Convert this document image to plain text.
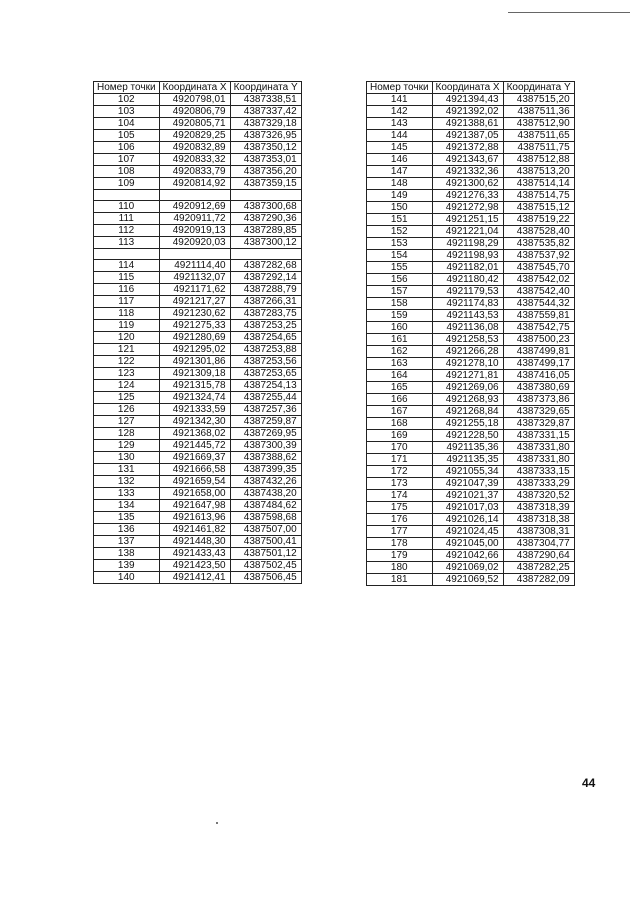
Номер точки	Координата X	Координата Y
102	4920798,01	4387338,51
103	4920806,79	4387337,42
104	4920805,71	4387329,18
105	4920829,25	4387326,95
106	4920832,89	4387350,12
107	4920833,32	4387353,01
108	4920833,79	4387356,20
109	4920814,92	4387359,15

110	4920912,69	4387300,68
111	4920911,72	4387290,36
112	4920919,13	4387289,85
113	4920920,03	4387300,12

114	4921114,40	4387282,68
115	4921132,07	4387292,14
116	4921171,62	4387288,79
117	4921217,27	4387266,31
118	4921230,62	4387283,75
119	4921275,33	4387253,25
120	4921280,69	4387254,65
121	4921295,02	4387253,88
122	4921301,86	4387253,56
123	4921309,18	4387253,65
124	4921315,78	4387254,13
125	4921324,74	4387255,44
126	4921333,59	4387257,36
127	4921342,30	4387259,87
128	4921368,02	4387269,95
129	4921445,72	4387300,39
130	4921669,37	4387388,62
131	4921666,58	4387399,35
132	4921659,54	4387432,26
133	4921658,00	4387438,20
134	4921647,98	4387484,62
135	4921613,96	4387598,68
136	4921461,82	4387507,00
137	4921448,30	4387500,41
138	4921433,43	4387501,12
139	4921423,50	4387502,45
140	4921412,41	4387506,45
Номер точки	Координата X	Координата Y
141	4921394,43	4387515,20
142	4921392,02	4387511,36
143	4921388,61	4387512,90
144	4921387,05	4387511,65
145	4921372,88	4387511,75
146	4921343,67	4387512,88
147	4921332,36	4387513,20
148	4921300,62	4387514,14
149	4921276,33	4387514,75
150	4921272,98	4387515,12
151	4921251,15	4387519,22
152	4921221,04	4387528,40
153	4921198,29	4387535,82
154	4921198,93	4387537,92
155	4921182,01	4387545,70
156	4921180,42	4387542,02
157	4921179,53	4387542,40
158	4921174,83	4387544,32
159	4921143,53	4387559,81
160	4921136,08	4387542,75
161	4921258,53	4387500,23
162	4921266,28	4387499,81
163	4921278,10	4387499,17
164	4921271,81	4387416,05
165	4921269,06	4387380,69
166	4921268,93	4387373,86
167	4921268,84	4387329,65
168	4921255,18	4387329,87
169	4921228,50	4387331,15
170	4921135,36	4387331,80
171	4921135,35	4387331,80
172	4921055,34	4387333,15
173	4921047,39	4387333,29
174	4921021,37	4387320,52
175	4921017,03	4387318,39
176	4921026,14	4387318,38
177	4921024,45	4387308,31
178	4921045,00	4387304,77
179	4921042,66	4387290,64
180	4921069,02	4387282,25
181	4921069,52	4387282,09
44
